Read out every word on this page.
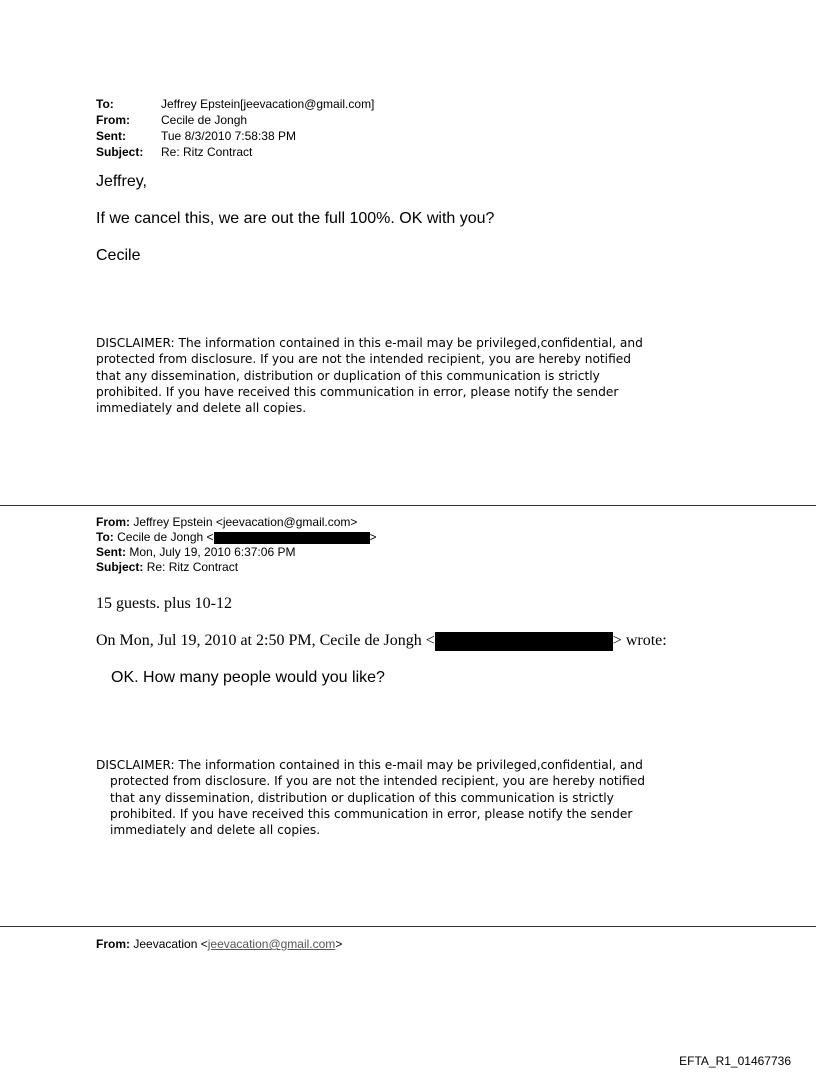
To:	Jeffrey Epstein[jeevacation@gmail.com]
From:	Cecile de Jongh
Sent:	Tue 8/3/2010 7:58:38 PM
Subject:	Re: Ritz Contract
Jeffrey,
If we cancel this, we are out the full 100%. OK with you?
Cecile
DISCLAIMER: The information contained in this e-mail may be privileged,confidential, and
protected from disclosure. If you are not the intended recipient, you are hereby notified
that any dissemination, distribution or duplication of this communication is strictly
prohibited. If you have received this communication in error, please notify the sender
immediately and delete all copies.
From: Jeffrey Epstein <jeevacation@gmail.com>
To: Cecile de Jongh <	>
Sent: Mon, July 19, 2010 6:37:06 PM
Subject: Re: Ritz Contract
15 guests. plus 10-12
On Mon, Jul 19, 2010 at 2:50 PM, Cecile de Jongh <	> wrote:
OK. How many people would you like?
DISCLAIMER: The information contained in this e-mail may be privileged,confidential, and
protected from disclosure. If you are not the intended recipient, you are hereby notified
that any dissemination, distribution or duplication of this communication is strictly
prohibited. If you have received this communication in error, please notify the sender
immediately and delete all copies.
From: Jeevacation <jeevacation@gmail.com>
EFTA_R1_01467736
